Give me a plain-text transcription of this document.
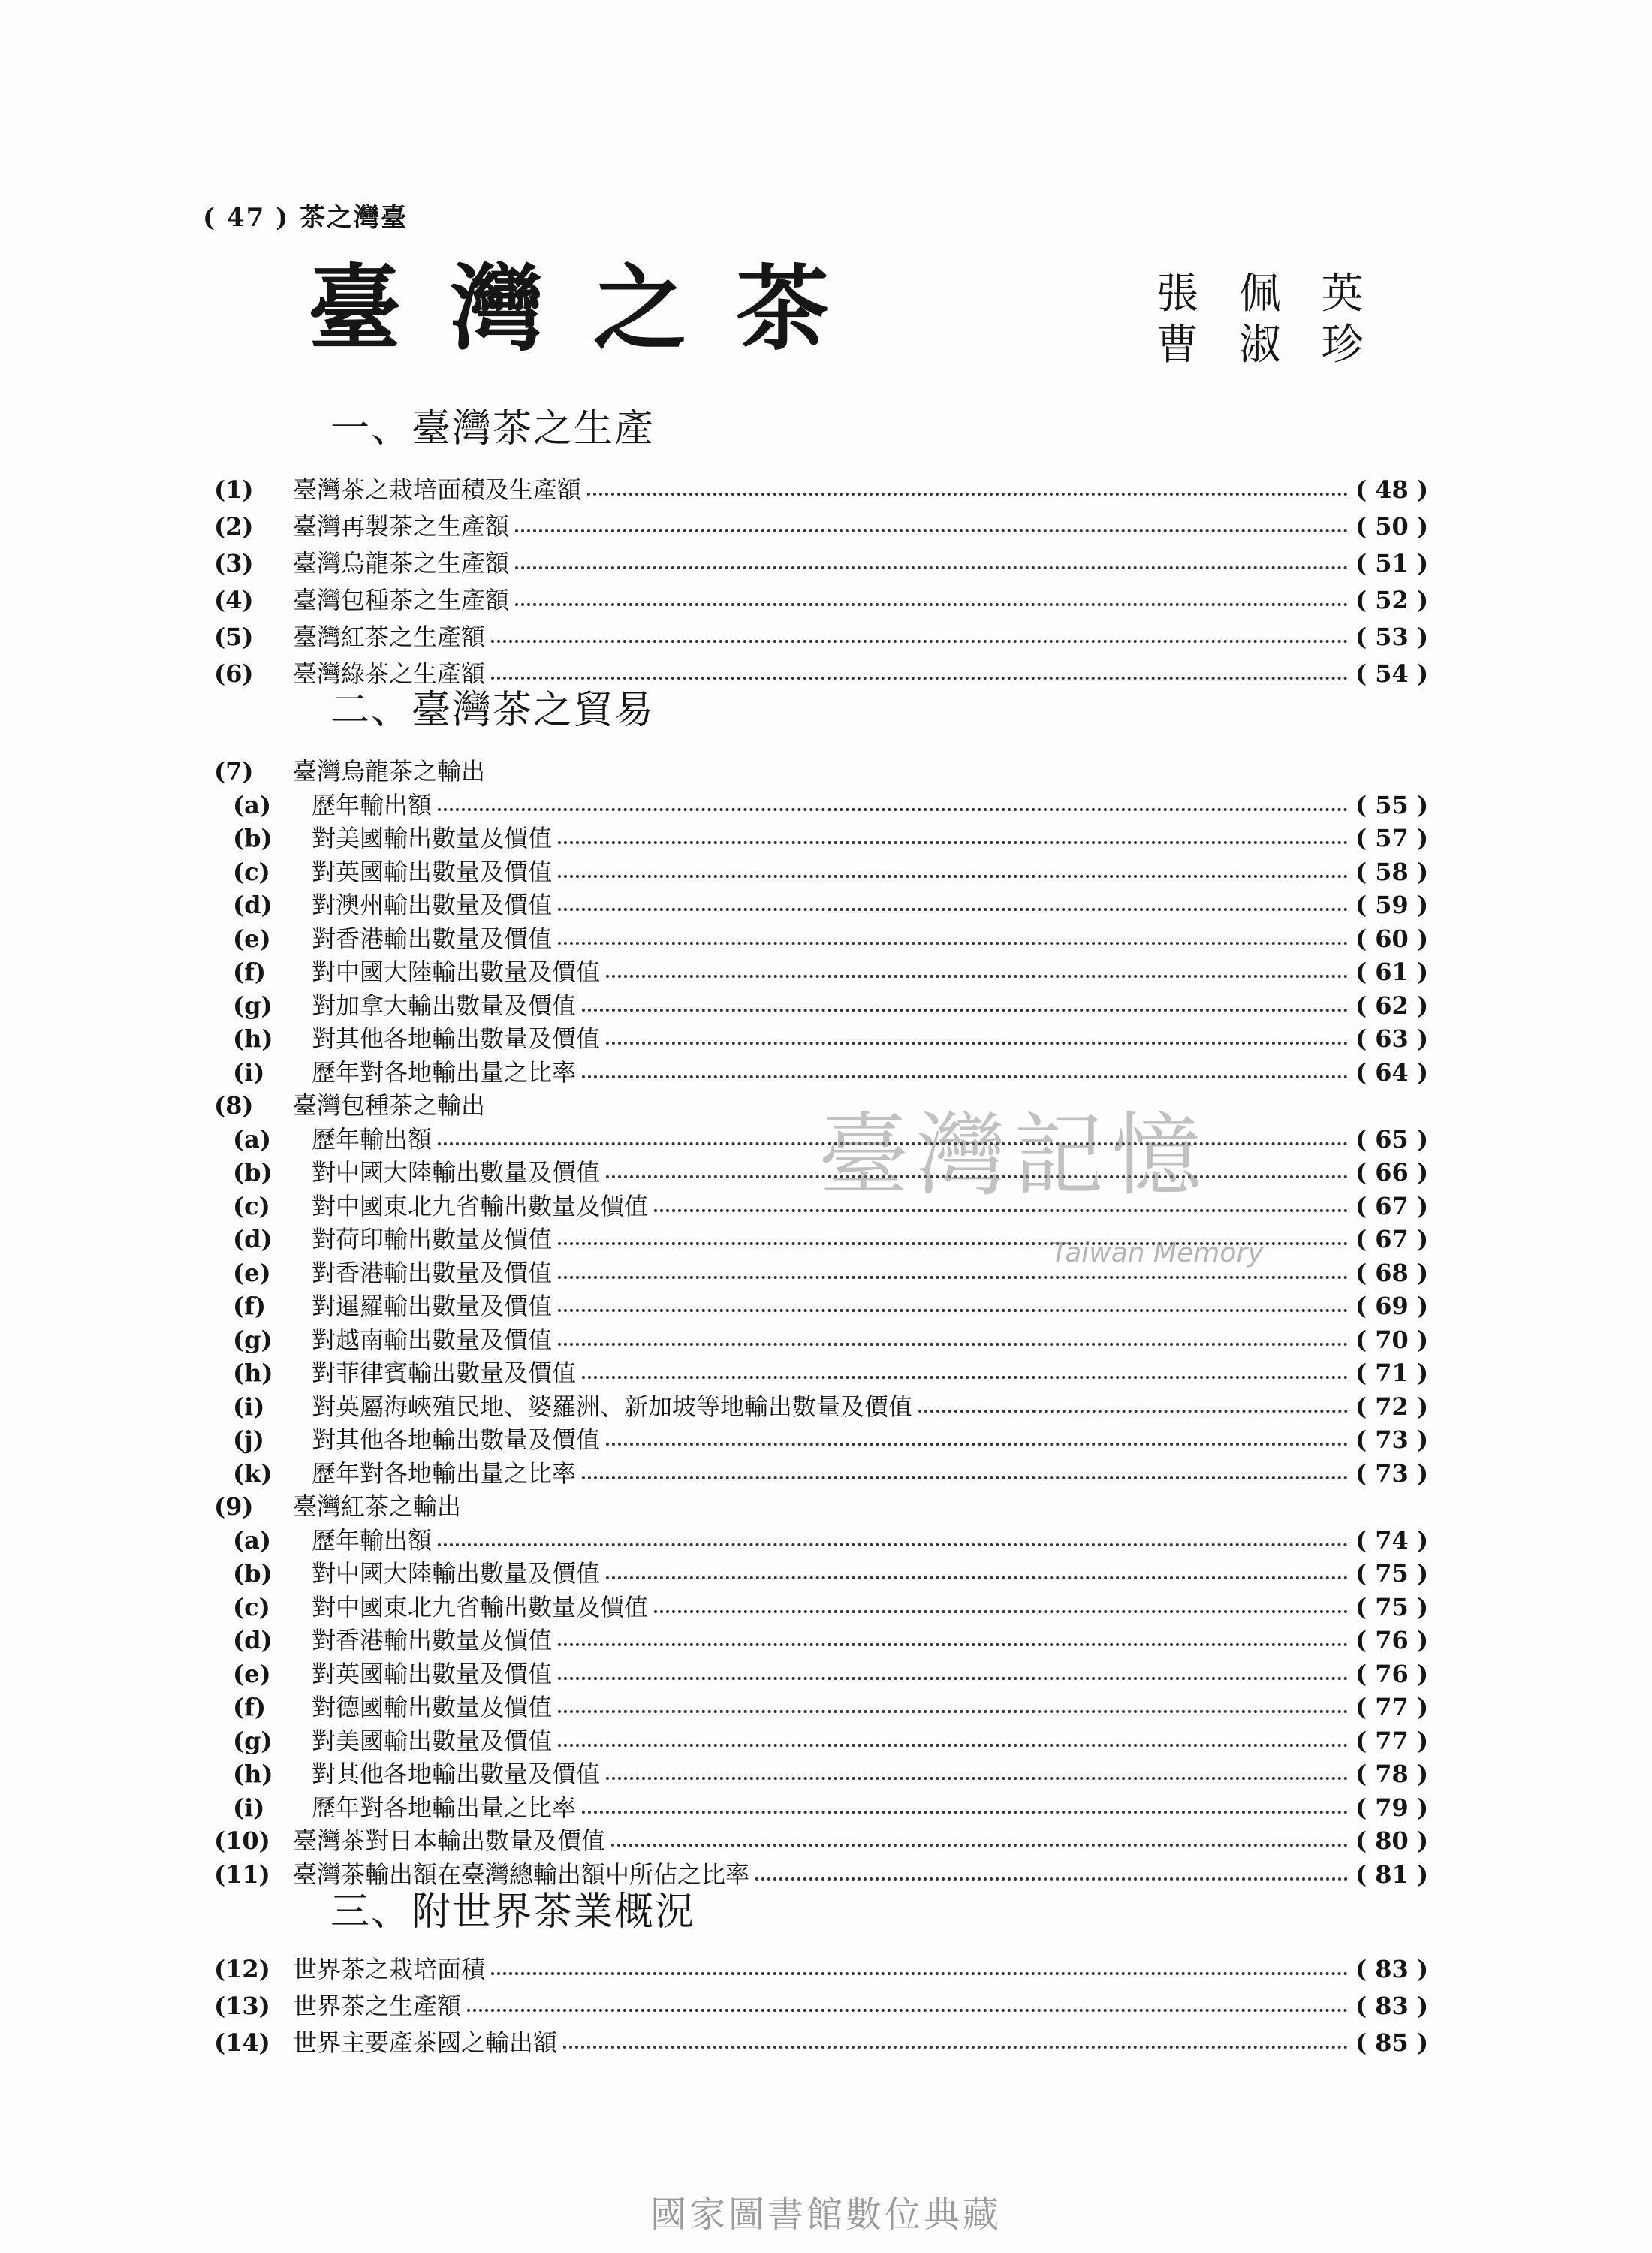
( 47 ) 茶之灣臺
臺灣之茶	張 佩 英
曹 淑 珍
一、臺灣茶之生產
(1)	臺灣茶之栽培面積及生產額	( 48 )
(2)	臺灣再製茶之生產額	( 50 )
(3)	臺灣烏龍茶之生產額	( 51 )
(4)	臺灣包種茶之生產額	( 52 )
(5)	臺灣紅茶之生產額	( 53 )
(6)	臺灣綠茶之生產額	( 54 )
二、臺灣茶之貿易
(7)	臺灣烏龍茶之輸出
(a)	歷年輸出額	( 55 )
(b)	對美國輸出數量及價值	( 57 )
(c)	對英國輸出數量及價值	( 58 )
(d)	對澳州輸出數量及價值	( 59 )
(e)	對香港輸出數量及價值	( 60 )
(f)	對中國大陸輸出數量及價值	( 61 )
(g)	對加拿大輸出數量及價值	( 62 )
(h)	對其他各地輸出數量及價值	( 63 )
(i)	歷年對各地輸出量之比率	( 64 )
(8)	臺灣包種茶之輸出
(a)	歷年輸出額	( 65 )
(b)	對中國大陸輸出數量及價值	( 66 )
(c)	對中國東北九省輸出數量及價值	( 67 )
(d)	對荷印輸出數量及價值	( 67 )
(e)	對香港輸出數量及價值	( 68 )
(f)	對暹羅輸出數量及價值	( 69 )
(g)	對越南輸出數量及價值	( 70 )
(h)	對菲律賓輸出數量及價值	( 71 )
(i)	對英屬海峽殖民地、婆羅洲、新加坡等地輸出數量及價值	( 72 )
(j)	對其他各地輸出數量及價值	( 73 )
(k)	歷年對各地輸出量之比率	( 73 )
(9)	臺灣紅茶之輸出
(a)	歷年輸出額	( 74 )
(b)	對中國大陸輸出數量及價值	( 75 )
(c)	對中國東北九省輸出數量及價值	( 75 )
(d)	對香港輸出數量及價值	( 76 )
(e)	對英國輸出數量及價值	( 76 )
(f)	對德國輸出數量及價值	( 77 )
(g)	對美國輸出數量及價值	( 77 )
(h)	對其他各地輸出數量及價值	( 78 )
(i)	歷年對各地輸出量之比率	( 79 )
(10) 臺灣茶對日本輸出數量及價值	( 80 )
(11) 臺灣茶輸出額在臺灣總輸出額中所佔之比率	( 81 )
三、附世界茶業概況
(12) 世界茶之栽培面積	( 83 )
(13) 世界茶之生產額	( 83 )
(14) 世界主要產茶國之輸出額	( 85 )
臺灣記憶
Taiwan Memory
國家圖書館數位典藏
